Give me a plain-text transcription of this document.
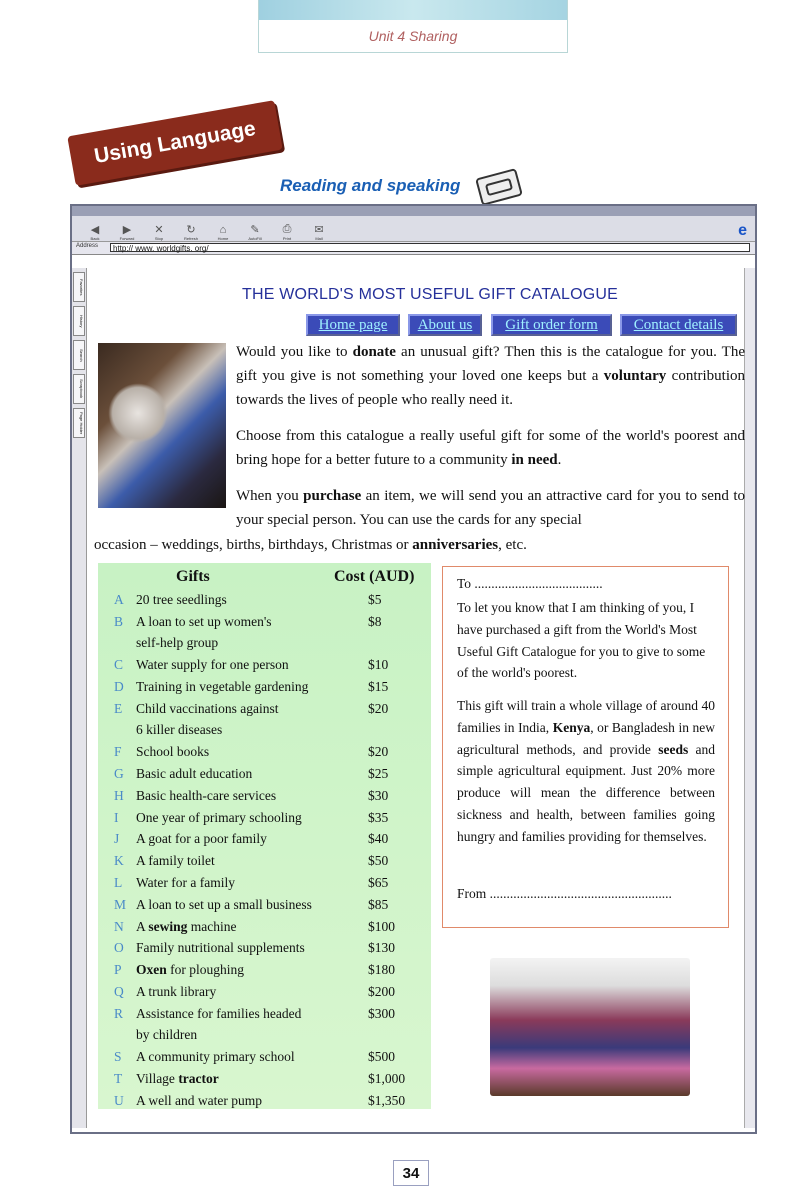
Unit 4 Sharing
Using Language
Reading and speaking
◀
Back
▶
Forward
✕
Stop
↻
Refresh
⌂
Home
✎
AutoFill
⎙
Print
✉
Mail	e
Address	http:// www. worldgifts. org/
Favorites
History
Search
Scrapbook
Page Holder
THE WORLD'S MOST USEFUL GIFT CATALOGUE
Home page	About us	Gift order form	Contact details
Would you like to donate an unusual gift? Then this is the catalogue for you. The gift you give is not something your loved one keeps but a voluntary contribution towards the lives of people who really need it.
Choose from this catalogue a really useful gift for some of the world's poorest and bring hope for a better future to a community in need.
When you purchase an item, we will send you an attractive card for you to send to your special person. You can use the cards for any special
occasion – weddings, births, birthdays, Christmas or anniversaries, etc.
Gifts	Cost (AUD)
A 20 tree seedlings	$5
B A loan to set up women's	$8
self-help group
C Water supply for one person	$10
D Training in vegetable gardening	$15
E Child vaccinations against	$20
6 killer diseases
F School books	$20
G Basic adult education	$25
H Basic health-care services	$30
I One year of primary schooling	$35
J A goat for a poor family	$40
K A family toilet	$50
L Water for a family	$65
M A loan to set up a small business	$85
N A sewing machine	$100
O Family nutritional supplements	$130
P Oxen for ploughing	$180
Q A trunk library	$200
R Assistance for families headed	$300
by children
S A community primary school	$500
T Village tractor	$1,000
U A well and water pump	$1,350
To ......................................
To let you know that I am thinking of you, I have purchased a gift from the World's Most Useful Gift Catalogue for you to give to some of the world's poorest.
This gift will train a whole village of around 40 families in India, Kenya, or Bangladesh in new agricultural methods, and provide seeds and simple agricultural equipment. Just 20% more produce will mean the difference between sickness and health, between families going hungry and families providing for themselves.
From ......................................................
34
